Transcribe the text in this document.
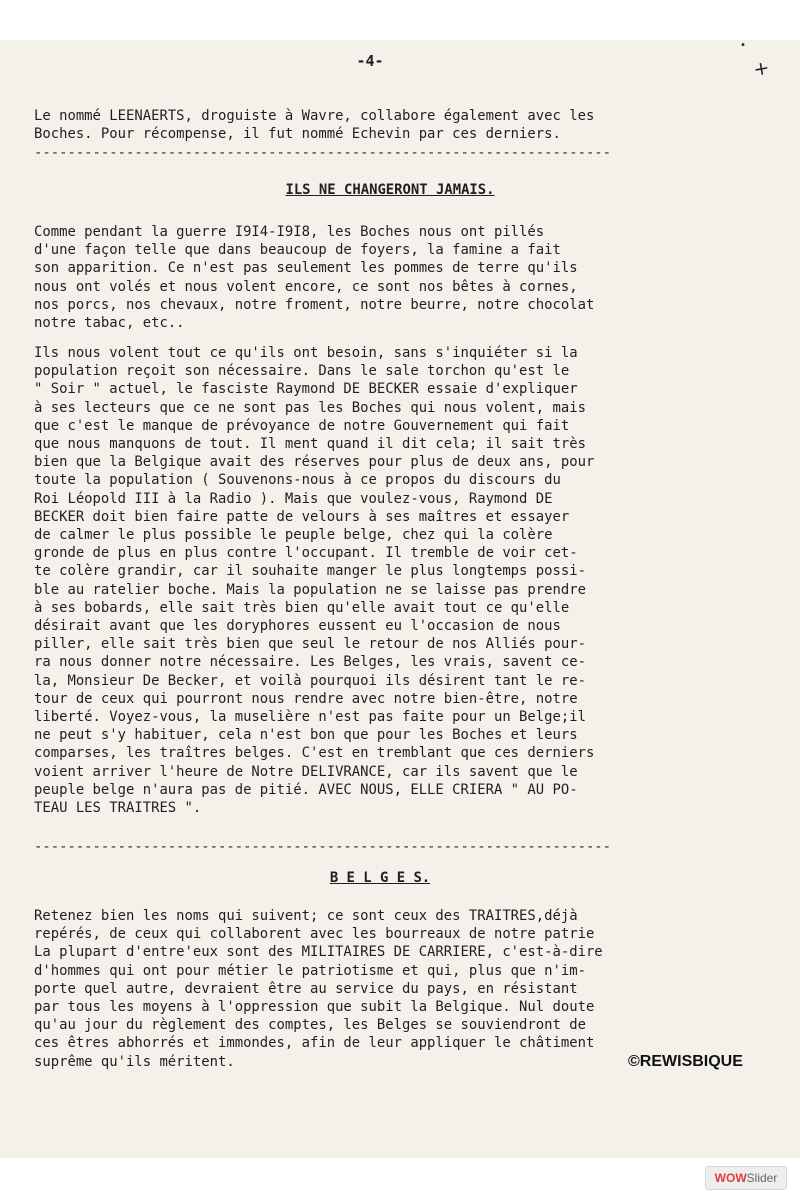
•
-4-	✕
Le nommé LEENAERTS, droguiste à Wavre, collabore également avec les
Boches. Pour récompense, il fut nommé Echevin par ces derniers.
---------------------------------------------------------------------
ILS NE CHANGERONT JAMAIS.
Comme pendant la guerre I9I4-I9I8, les Boches nous ont pillés
d'une façon telle que dans beaucoup de foyers, la famine a fait
son apparition. Ce n'est pas seulement les pommes de terre qu'ils
nous ont volés et nous volent encore, ce sont nos bêtes à cornes,
nos porcs, nos chevaux, notre froment, notre beurre, notre chocolat
notre tabac, etc..
Ils nous volent tout ce qu'ils ont besoin, sans s'inquiéter si la
population reçoit son nécessaire. Dans le sale torchon qu'est le
" Soir " actuel, le fasciste Raymond DE BECKER essaie d'expliquer
à ses lecteurs que ce ne sont pas les Boches qui nous volent, mais
que c'est le manque de prévoyance de notre Gouvernement qui fait
que nous manquons de tout. Il ment quand il dit cela; il sait très
bien que la Belgique avait des réserves pour plus de deux ans, pour
toute la population ( Souvenons-nous à ce propos du discours du
Roi Léopold III à la Radio ). Mais que voulez-vous, Raymond DE
BECKER doit bien faire patte de velours à ses maîtres et essayer
de calmer le plus possible le peuple belge, chez qui la colère
gronde de plus en plus contre l'occupant. Il tremble de voir cet-
te colère grandir, car il souhaite manger le plus longtemps possi-
ble au ratelier boche. Mais la population ne se laisse pas prendre
à ses bobards, elle sait très bien qu'elle avait tout ce qu'elle
désirait avant que les doryphores eussent eu l'occasion de nous
piller, elle sait très bien que seul le retour de nos Alliés pour-
ra nous donner notre nécessaire. Les Belges, les vrais, savent ce-
la, Monsieur De Becker, et voilà pourquoi ils désirent tant le re-
tour de ceux qui pourront nous rendre avec notre bien-être, notre
liberté. Voyez-vous, la muselière n'est pas faite pour un Belge;il
ne peut s'y habituer, cela n'est bon que pour les Boches et leurs
comparses, les traîtres belges. C'est en tremblant que ces derniers
voient arriver l'heure de Notre DELIVRANCE, car ils savent que le
peuple belge n'aura pas de pitié. AVEC NOUS, ELLE CRIERA " AU PO-
TEAU LES TRAITRES ".
---------------------------------------------------------------------
B E L G E S.
Retenez bien les noms qui suivent; ce sont ceux des TRAITRES,déjà
repérés, de ceux qui collaborent avec les bourreaux de notre patrie
La plupart d'entre'eux sont des MILITAIRES DE CARRIERE, c'est-à-dire
d'hommes qui ont pour métier le patriotisme et qui, plus que n'im-
porte quel autre, devraient être au service du pays, en résistant
par tous les moyens à l'oppression que subit la Belgique. Nul doute
qu'au jour du règlement des comptes, les Belges se souviendront de
ces êtres abhorrés et immondes, afin de leur appliquer le châtiment
suprême qu'ils méritent.	©REWISBIQUE
WOWSlider
